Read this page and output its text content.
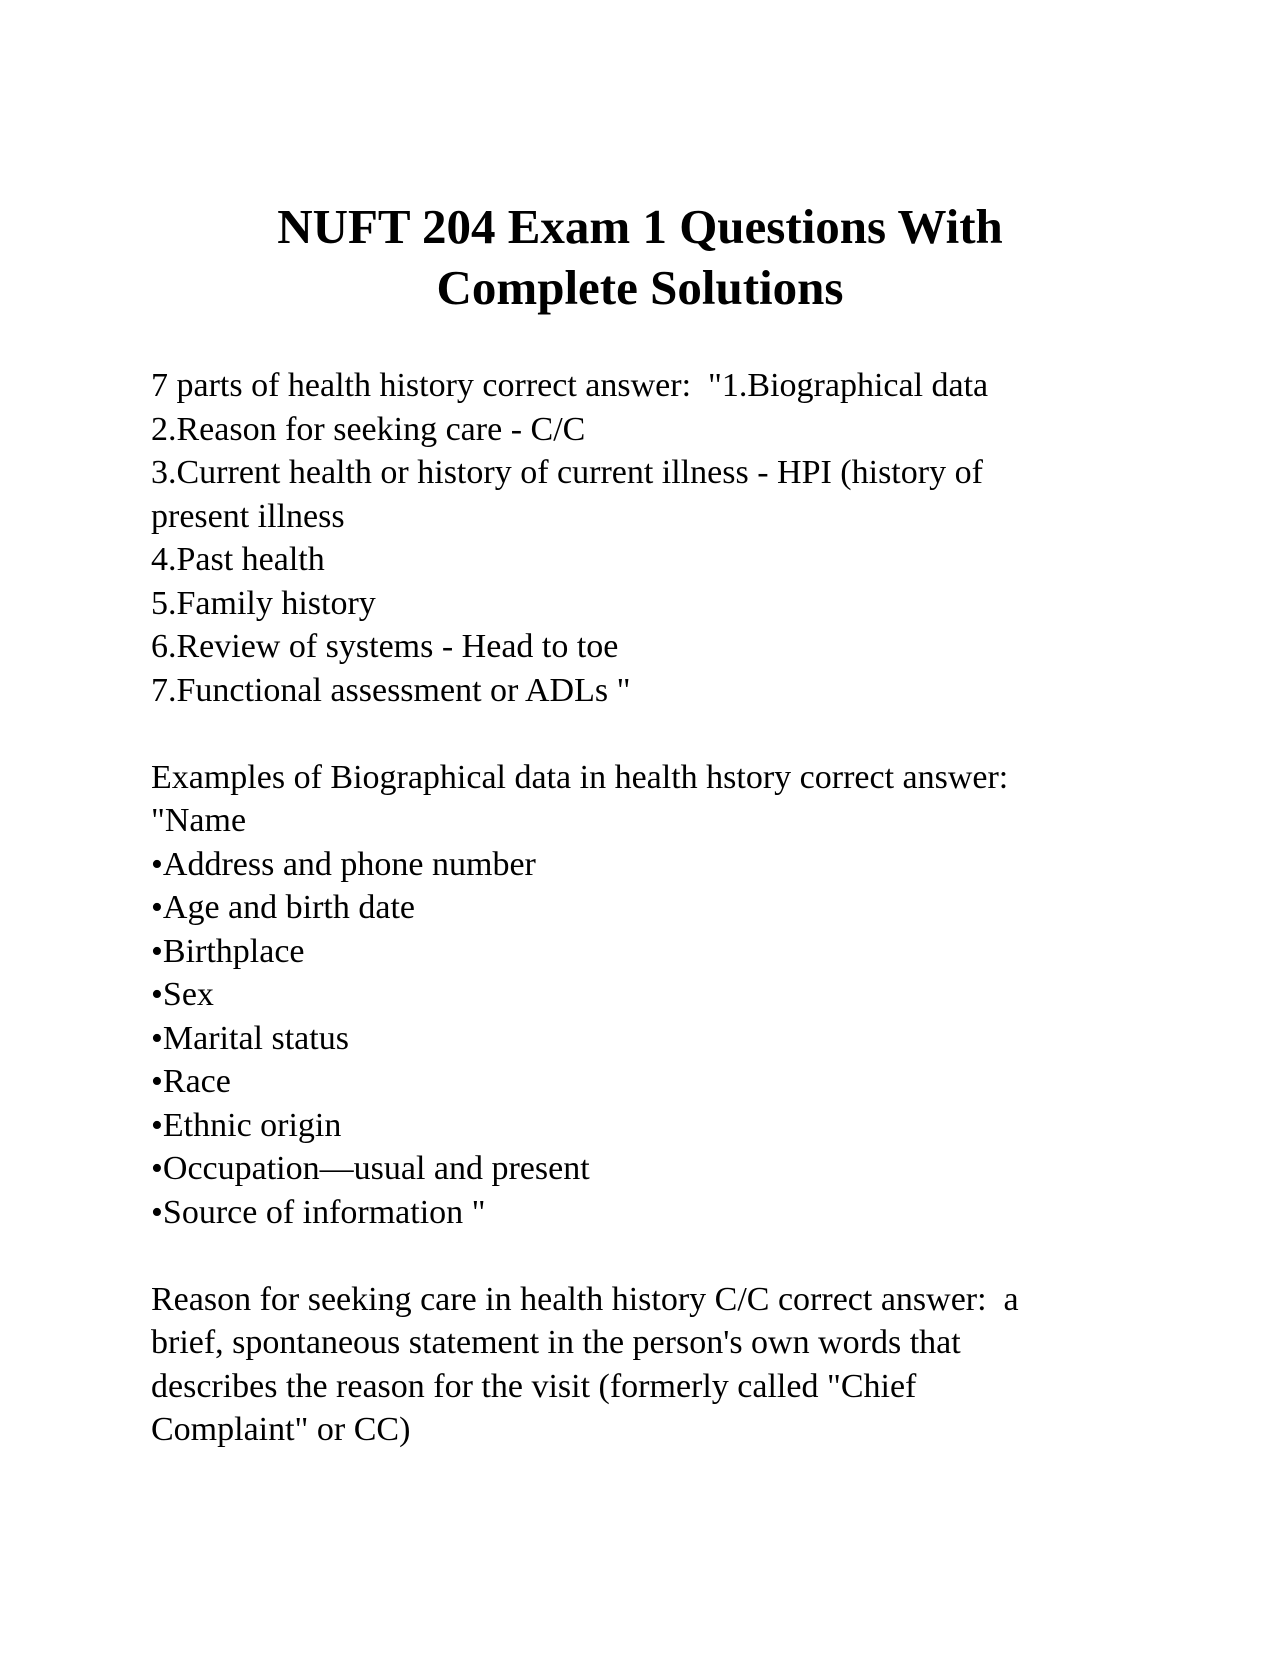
NUFT 204 Exam 1 Questions With
Complete Solutions
7 parts of health history correct answer:  "1.Biographical data
2.Reason for seeking care - C/C
3.Current health or history of current illness - HPI (history of
present illness
4.Past health
5.Family history
6.Review of systems - Head to toe
7.Functional assessment or ADLs "
Examples of Biographical data in health hstory correct answer:
"Name
•Address and phone number
•Age and birth date
•Birthplace
•Sex
•Marital status
•Race
•Ethnic origin
•Occupation—usual and present
•Source of information "
Reason for seeking care in health history C/C correct answer:  a
brief, spontaneous statement in the person's own words that
describes the reason for the visit (formerly called "Chief
Complaint" or CC)
